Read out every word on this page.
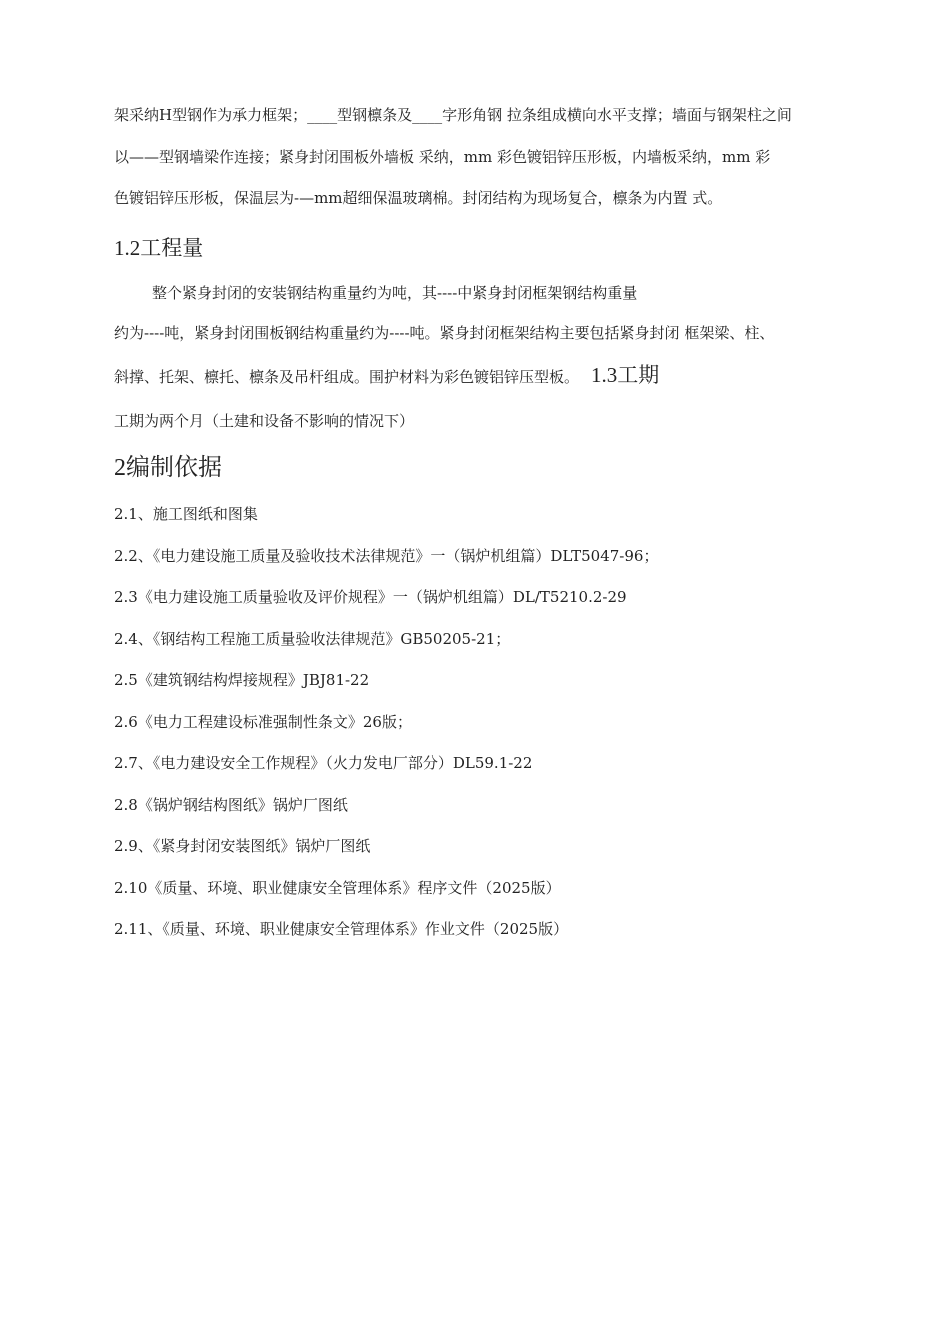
架采纳H型钢作为承力框架；____型钢檩条及____字形角钢 拉条组成横向水平支撑；墙面与钢架柱之间
以——型钢墙梁作连接；紧身封闭围板外墙板 采纳，mm 彩色镀铝锌压形板，内墙板采纳，mm 彩
色镀铝锌压形板，保温层为-—mm超细保温玻璃棉。封闭结构为现场复合，檩条为内置 式。
1.2工程量
整个紧身封闭的安装钢结构重量约为吨，其----中紧身封闭框架钢结构重量
约为----吨，紧身封闭围板钢结构重量约为----吨。紧身封闭框架结构主要包括紧身封闭 框架梁、柱、
斜撑、托架、檩托、檩条及吊杆组成。围护材料为彩色镀铝锌压型板。 1.3工期
工期为两个月（土建和设备不影响的情况下）
2编制依据
2.1、施工图纸和图集
2.2、《电力建设施工质量及验收技术法律规范》一（锅炉机组篇）DLT5047-96；
2.3《电力建设施工质量验收及评价规程》一（锅炉机组篇）DL/T5210.2-29
2.4、《钢结构工程施工质量验收法律规范》GB50205-21；
2.5《建筑钢结构焊接规程》JBJ81-22
2.6《电力工程建设标准强制性条文》26版；
2.7、《电力建设安全工作规程》（火力发电厂部分）DL59.1-22
2.8《锅炉钢结构图纸》锅炉厂图纸
2.9、《紧身封闭安装图纸》锅炉厂图纸
2.10《质量、环境、职业健康安全管理体系》程序文件（2025版）
2.11、《质量、环境、职业健康安全管理体系》作业文件（2025版）
